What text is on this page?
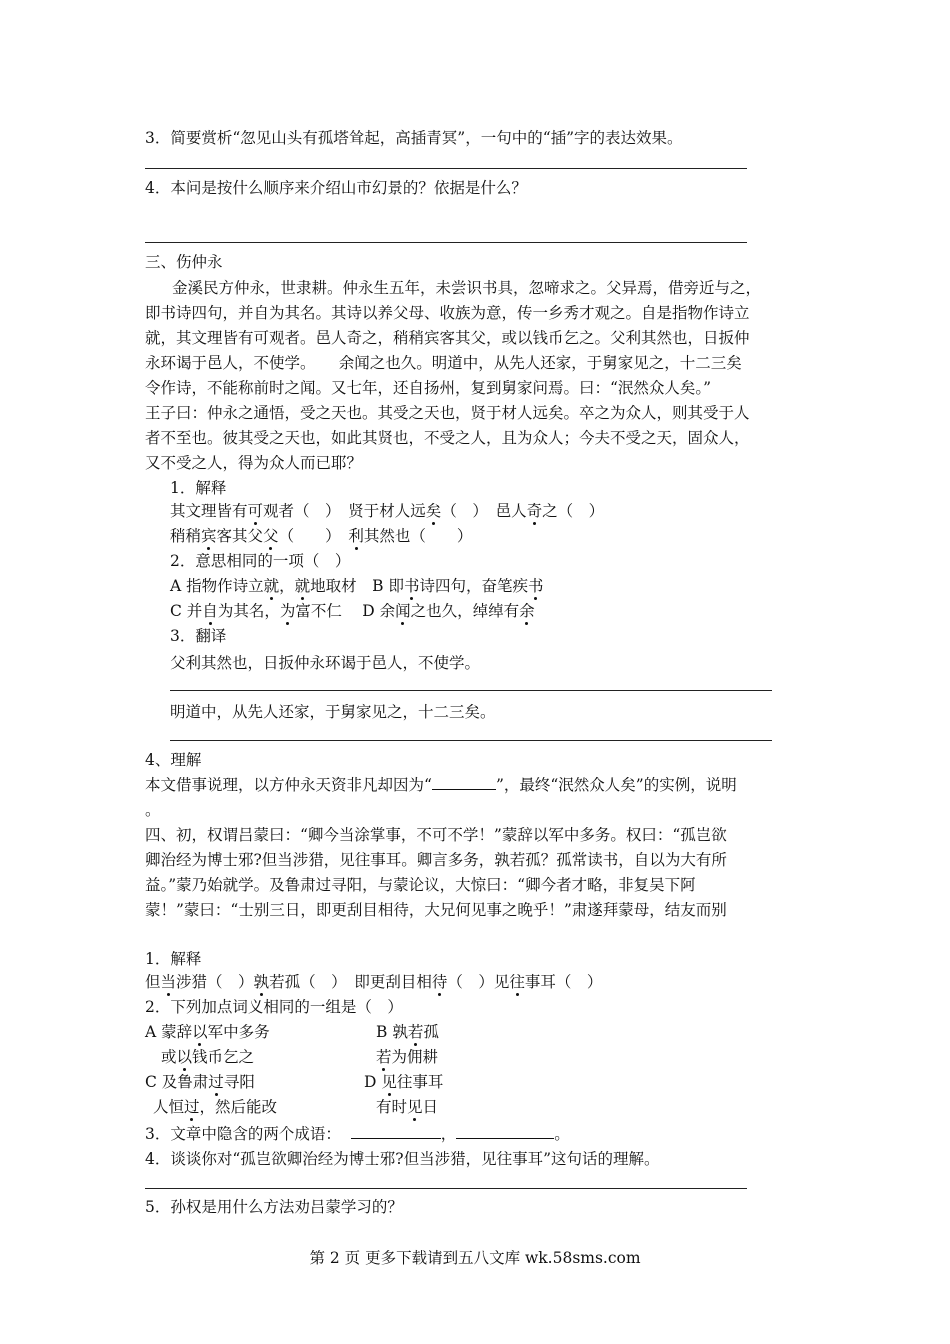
3．简要赏析“忽见山头有孤塔耸起，高插青冥”，一句中的“插”字的表达效果。
4．本问是按什么顺序来介绍山市幻景的？依据是什么？
三、伤仲永
金溪民方仲永，世隶耕。仲永生五年，未尝识书具，忽啼求之。父异焉，借旁近与之，
即书诗四句，并自为其名。其诗以养父母、收族为意，传一乡秀才观之。自是指物作诗立
就，其文理皆有可观者。邑人奇之，稍稍宾客其父，或以钱币乞之。父利其然也，日扳仲
永环谒于邑人，不使学。　　余闻之也久。明道中，从先人还家，于舅家见之，十二三矣
令作诗，不能称前时之闻。又七年，还自扬州，复到舅家问焉。曰：“泯然众人矣。”
王子曰：仲永之通悟，受之天也。其受之天也，贤于材人远矣。卒之为众人，则其受于人
者不至也。彼其受之天也，如此其贤也，不受之人，且为众人；今夫不受之天，固众人，
又不受之人，得为众人而已耶？
1．解释
其文理皆有可观者（　）　贤于材人远矣（　）　邑人奇之（　）
稍稍宾客其父父（　　）　利其然也（　　）
2．意思相同的一项（　）
A 指物作诗立就，就地取材　B 即书诗四句，奋笔疾书
C 并自为其名，为富不仁　 D 余闻之也久，绰绰有余
3．翻译
父利其然也，日扳仲永环谒于邑人，不使学。
明道中，从先人还家，于舅家见之，十二三矣。
4、理解
本文借事说理，以方仲永天资非凡却因为“	”，最终“泯然众人矣”的实例，说明
。
四、初，权谓吕蒙曰：“卿今当涂掌事，不可不学！”蒙辞以军中多务。权曰：“孤岂欲
卿治经为博士邪?但当涉猎，见往事耳。卿言多务，孰若孤？孤常读书，自以为大有所
益。”蒙乃始就学。及鲁肃过寻阳，与蒙论议，大惊曰：“卿今者才略，非复吴下阿
蒙！”蒙曰：“士别三日，即更刮目相待，大兄何见事之晚乎！”肃遂拜蒙母，结友而别
1．解释
但当涉猎（　）孰若孤（　）　即更刮目相待（　）见往事耳（　）
2．下列加点词义相同的一组是（　）
A 蒙辞以军中多务	B 孰若孤
或以钱币乞之	若为佣耕
C 及鲁肃过寻阳	D 见往事耳
人恒过，然后能改	有时见日
3．文章中隐含的两个成语：	，	。
4．谈谈你对“孤岂欲卿治经为博士邪?但当涉猎，见往事耳”这句话的理解。
5．孙权是用什么方法劝吕蒙学习的？
第 2 页 更多下载请到五八文库 wk.58sms.com
